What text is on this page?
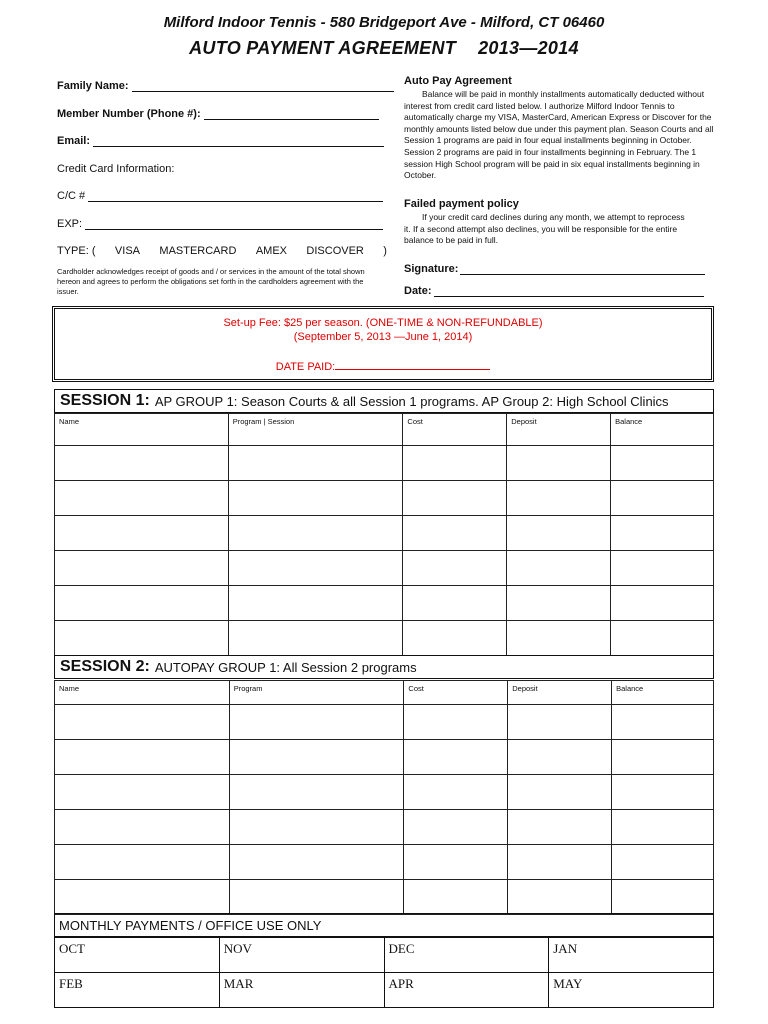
Milford Indoor Tennis - 580 Bridgeport Ave - Milford, CT 06460
AUTO PAYMENT AGREEMENT 2013—2014
Family Name:
Member Number (Phone #):
Email:
Credit Card Information:
C/C #
EXP:
TYPE: ( VISA MASTERCARD AMEX DISCOVER )
Cardholder acknowledges receipt of goods and / or services in the amount of the total shown hereon and agrees to perform the obligations set forth in the cardholders agreement with the issuer.
Auto Pay Agreement
Balance will be paid in monthly installments automatically deducted without interest from credit card listed below. I authorize Milford Indoor Tennis to automatically charge my VISA, MasterCard, American Express or Discover for the monthly amounts listed below due under this payment plan. Season Courts and all Session 1 programs are paid in four equal installments beginning in October. Session 2 programs are paid in four installments beginning in February. The 1 session High School program will be paid in six equal installments beginning in October.
Failed payment policy
If your credit card declines during any month, we attempt to reprocess it. If a second attempt also declines, you will be responsible for the entire balance to be paid in full.
Signature:
Date:
Set-up Fee: $25 per season. (ONE-TIME & NON-REFUNDABLE)
(September 5, 2013 —June 1, 2014)
DATE PAID:
SESSION 1: AP GROUP 1: Season Courts & all Session 1 programs. AP Group 2: High School Clinics
Name	Program | Session	Cost	Deposit	Balance

SESSION 2: AUTOPAY GROUP 1: All Session 2 programs
Name	Program	Cost	Deposit	Balance

MONTHLY PAYMENTS / OFFICE USE ONLY
OCT	NOV	DEC	JAN
FEB	MAR	APR	MAY
